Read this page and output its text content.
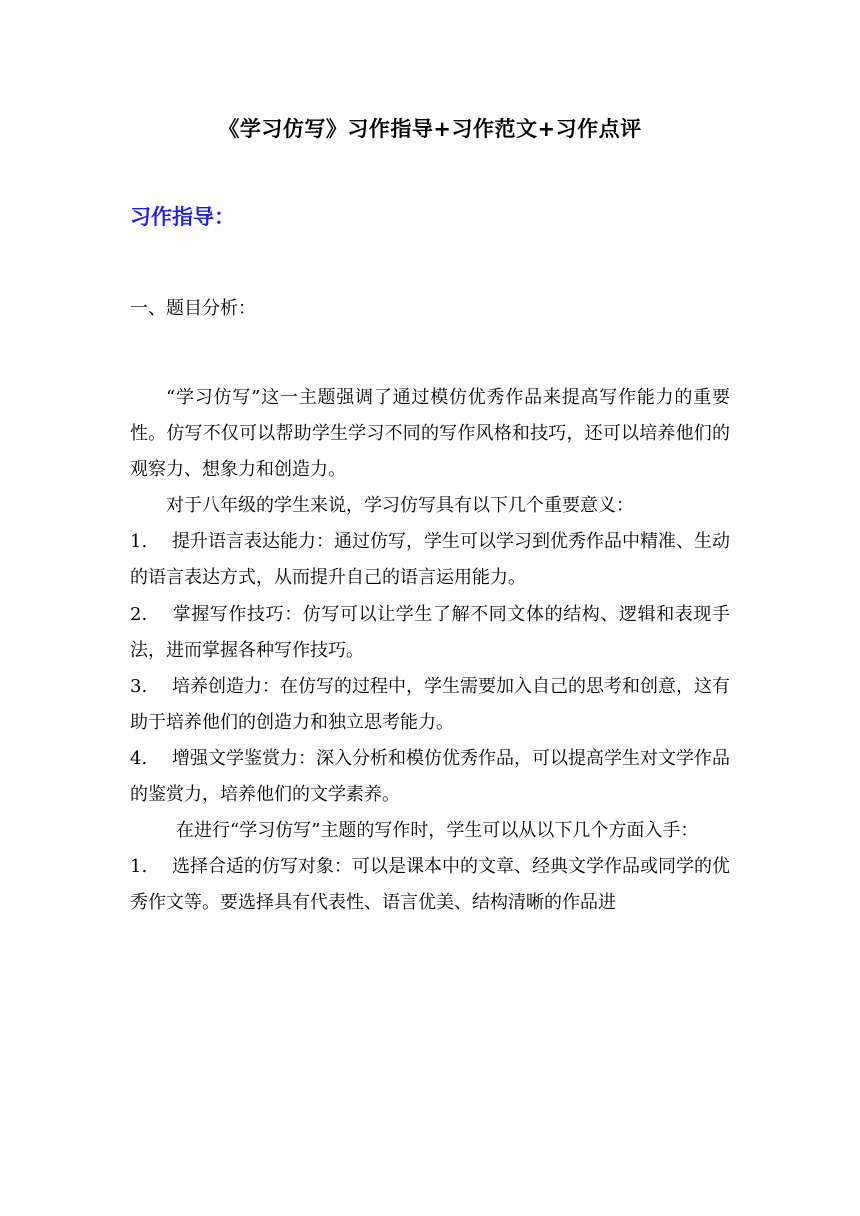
《学习仿写》习作指导+习作范文+习作点评
习作指导：
一、题目分析：

“学习仿写”这一主题强调了通过模仿优秀作品来提高写作能力的重要性。仿写不仅可以帮助学生学习不同的写作风格和技巧，还可以培养他们的观察力、想象力和创造力。

对于八年级的学生来说，学习仿写具有以下几个重要意义：

1. 提升语言表达能力：通过仿写，学生可以学习到优秀作品中精准、生动的语言表达方式，从而提升自己的语言运用能力。

2. 掌握写作技巧：仿写可以让学生了解不同文体的结构、逻辑和表现手法，进而掌握各种写作技巧。

3. 培养创造力：在仿写的过程中，学生需要加入自己的思考和创意，这有助于培养他们的创造力和独立思考能力。

4. 增强文学鉴赏力：深入分析和模仿优秀作品，可以提高学生对文学作品的鉴赏力，培养他们的文学素养。

在进行“学习仿写”主题的写作时，学生可以从以下几个方面入手：

1. 选择合适的仿写对象：可以是课本中的文章、经典文学作品或同学的优秀作文等。要选择具有代表性、语言优美、结构清晰的作品进
